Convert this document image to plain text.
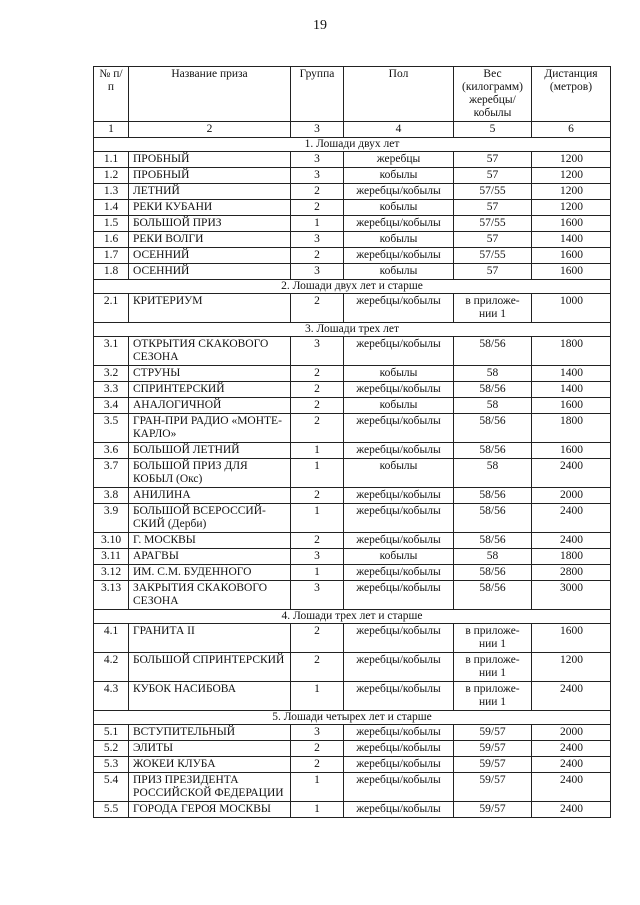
19
№ п/п	Название приза	Группа	Пол	Вес (килограмм) жеребцы/ кобылы	Дистанция (метров)
1	2	3	4	5	6
1. Лошади двух лет					
1.1	ПРОБНЫЙ	3	жеребцы	57	1200
1.2	ПРОБНЫЙ	3	кобылы	57	1200
1.3	ЛЕТНИЙ	2	жеребцы/кобылы	57/55	1200
1.4	РЕКИ КУБАНИ	2	кобылы	57	1200
1.5	БОЛЬШОЙ ПРИЗ	1	жеребцы/кобылы	57/55	1600
1.6	РЕКИ ВОЛГИ	3	кобылы	57	1400
1.7	ОСЕННИЙ	2	жеребцы/кобылы	57/55	1600
1.8	ОСЕННИЙ	3	кобылы	57	1600
2. Лошади двух лет и старше					
2.1	КРИТЕРИУМ	2	жеребцы/кобылы	в приложе-нии 1	1000
3. Лошади трех лет					
3.1	ОТКРЫТИЯ СКАКОВОГО СЕЗОНА	3	жеребцы/кобылы	58/56	1800
3.2	СТРУНЫ	2	кобылы	58	1400
3.3	СПРИНТЕРСКИЙ	2	жеребцы/кобылы	58/56	1400
3.4	АНАЛОГИЧНОЙ	2	кобылы	58	1600
3.5	ГРАН-ПРИ РАДИО «МОНТЕ-КАРЛО»	2	жеребцы/кобылы	58/56	1800
3.6	БОЛЬШОЙ ЛЕТНИЙ	1	жеребцы/кобылы	58/56	1600
3.7	БОЛЬШОЙ ПРИЗ ДЛЯ КОБЫЛ (Окс)	1	кобылы	58	2400
3.8	АНИЛИНА	2	жеребцы/кобылы	58/56	2000
3.9	БОЛЬШОЙ ВСЕРОССИЙ-СКИЙ (Дерби)	1	жеребцы/кобылы	58/56	2400
3.10	Г. МОСКВЫ	2	жеребцы/кобылы	58/56	2400
3.11	АРАГВЫ	3	кобылы	58	1800
3.12	ИМ. С.М. БУДЕННОГО	1	жеребцы/кобылы	58/56	2800
3.13	ЗАКРЫТИЯ СКАКОВОГО СЕЗОНА	3	жеребцы/кобылы	58/56	3000
4. Лошади трех лет и старше					
4.1	ГРАНИТА II	2	жеребцы/кобылы	в приложе-нии 1	1600
4.2	БОЛЬШОЙ СПРИНТЕРСКИЙ	2	жеребцы/кобылы	в приложе-нии 1	1200
4.3	КУБОК НАСИБОВА	1	жеребцы/кобылы	в приложе-нии 1	2400
5. Лошади четырех лет и старше					
5.1	ВСТУПИТЕЛЬНЫЙ	3	жеребцы/кобылы	59/57	2000
5.2	ЭЛИТЫ	2	жеребцы/кобылы	59/57	2400
5.3	ЖОКЕИ КЛУБА	2	жеребцы/кобылы	59/57	2400
5.4	ПРИЗ ПРЕЗИДЕНТА РОССИЙСКОЙ ФЕДЕРАЦИИ	1	жеребцы/кобылы	59/57	2400
5.5	ГОРОДА ГЕРОЯ МОСКВЫ	1	жеребцы/кобылы	59/57	2400
